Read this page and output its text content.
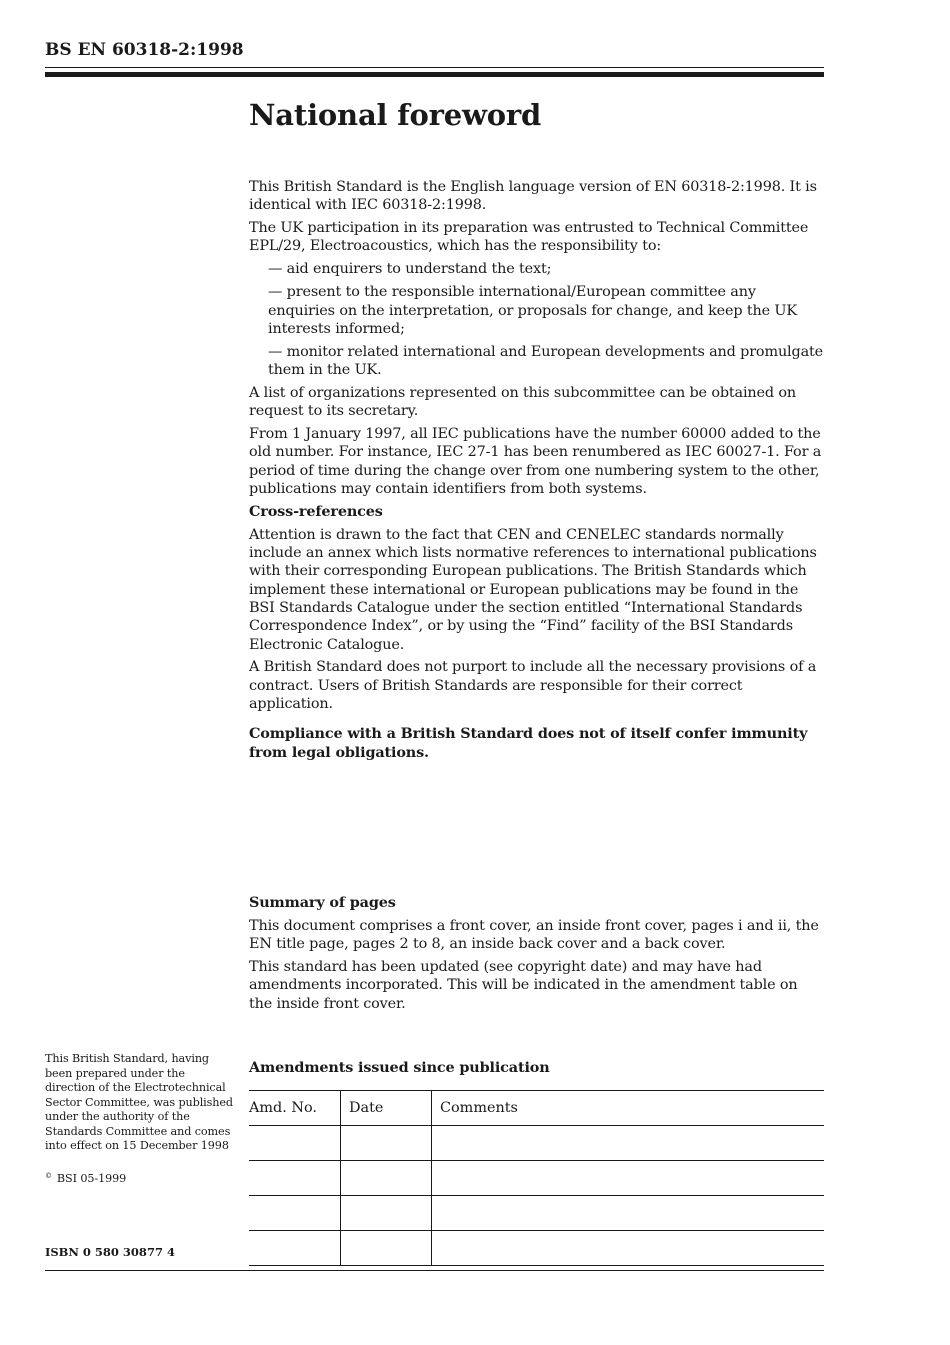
BS EN 60318-2:1998

National foreword

This British Standard is the English language version of EN 60318-2:1998. It is identical with IEC 60318-2:1998.

The UK participation in its preparation was entrusted to Technical Committee EPL/29, Electroacoustics, which has the responsibility to:

— aid enquirers to understand the text;

— present to the responsible international/European committee any enquiries on the interpretation, or proposals for change, and keep the UK interests informed;

— monitor related international and European developments and promulgate them in the UK.

A list of organizations represented on this subcommittee can be obtained on request to its secretary.

From 1 January 1997, all IEC publications have the number 60000 added to the old number. For instance, IEC 27-1 has been renumbered as IEC 60027-1. For a period of time during the change over from one numbering system to the other, publications may contain identifiers from both systems.

Cross-references

Attention is drawn to the fact that CEN and CENELEC standards normally include an annex which lists normative references to international publications with their corresponding European publications. The British Standards which implement these international or European publications may be found in the BSI Standards Catalogue under the section entitled “International Standards Correspondence Index”, or by using the “Find” facility of the BSI Standards Electronic Catalogue.

A British Standard does not purport to include all the necessary provisions of a contract. Users of British Standards are responsible for their correct application.

Compliance with a British Standard does not of itself confer immunity from legal obligations.

Summary of pages

This document comprises a front cover, an inside front cover, pages i and ii, the EN title page, pages 2 to 8, an inside back cover and a back cover.

This standard has been updated (see copyright date) and may have had amendments incorporated. This will be indicated in the amendment table on the inside front cover.

This British Standard, having been prepared under the direction of the Electrotechnical Sector Committee, was published under the authority of the Standards Committee and comes into effect on 15 December 1998

© BSI 05-1999

ISBN 0 580 30877 4

Amendments issued since publication

Amd. No.	Date	Comments
